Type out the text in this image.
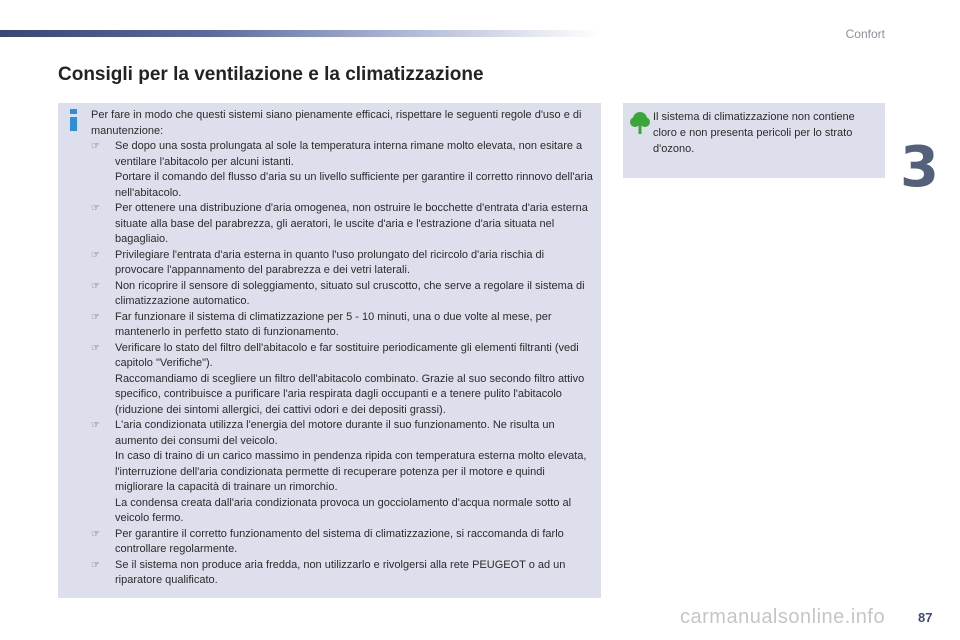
Confort
3
Consigli per la ventilazione e la climatizzazione

Per fare in modo che questi sistemi siano pienamente efficaci, rispettare le seguenti regole d'uso e di manutenzione:

☞ Se dopo una sosta prolungata al sole la temperatura interna rimane molto elevata, non esitare a ventilare l'abitacolo per alcuni istanti.
Portare il comando del flusso d'aria su un livello sufficiente per garantire il corretto rinnovo dell'aria nell'abitacolo.
☞ Per ottenere una distribuzione d'aria omogenea, non ostruire le bocchette d'entrata d'aria esterna situate alla base del parabrezza, gli aeratori, le uscite d'aria e l'estrazione d'aria situata nel bagagliaio.
☞ Privilegiare l'entrata d'aria esterna in quanto l'uso prolungato del ricircolo d'aria rischia di provocare l'appannamento del parabrezza e dei vetri laterali.
☞ Non ricoprire il sensore di soleggiamento, situato sul cruscotto, che serve a regolare il sistema di climatizzazione automatico.
☞ Far funzionare il sistema di climatizzazione per 5 - 10 minuti, una o due volte al mese, per mantenerlo in perfetto stato di funzionamento.
☞ Verificare lo stato del filtro dell'abitacolo e far sostituire periodicamente gli elementi filtranti (vedi capitolo "Verifiche").
Raccomandiamo di scegliere un filtro dell'abitacolo combinato. Grazie al suo secondo filtro attivo specifico, contribuisce a purificare l'aria respirata dagli occupanti e a tenere pulito l'abitacolo (riduzione dei sintomi allergici, dei cattivi odori e dei depositi grassi).
☞ L'aria condizionata utilizza l'energia del motore durante il suo funzionamento. Ne risulta un aumento dei consumi del veicolo.
In caso di traino di un carico massimo in pendenza ripida con temperatura esterna molto elevata, l'interruzione dell'aria condizionata permette di recuperare potenza per il motore e quindi migliorare la capacità di trainare un rimorchio.
La condensa creata dall'aria condizionata provoca un gocciolamento d'acqua normale sotto al veicolo fermo.
☞ Per garantire il corretto funzionamento del sistema di climatizzazione, si raccomanda di farlo controllare regolarmente.
☞ Se il sistema non produce aria fredda, non utilizzarlo e rivolgersi alla rete PEUGEOT o ad un riparatore qualificato.
Il sistema di climatizzazione non contiene cloro e non presenta pericoli per lo strato d'ozono.
carmanualsonline.info	87
